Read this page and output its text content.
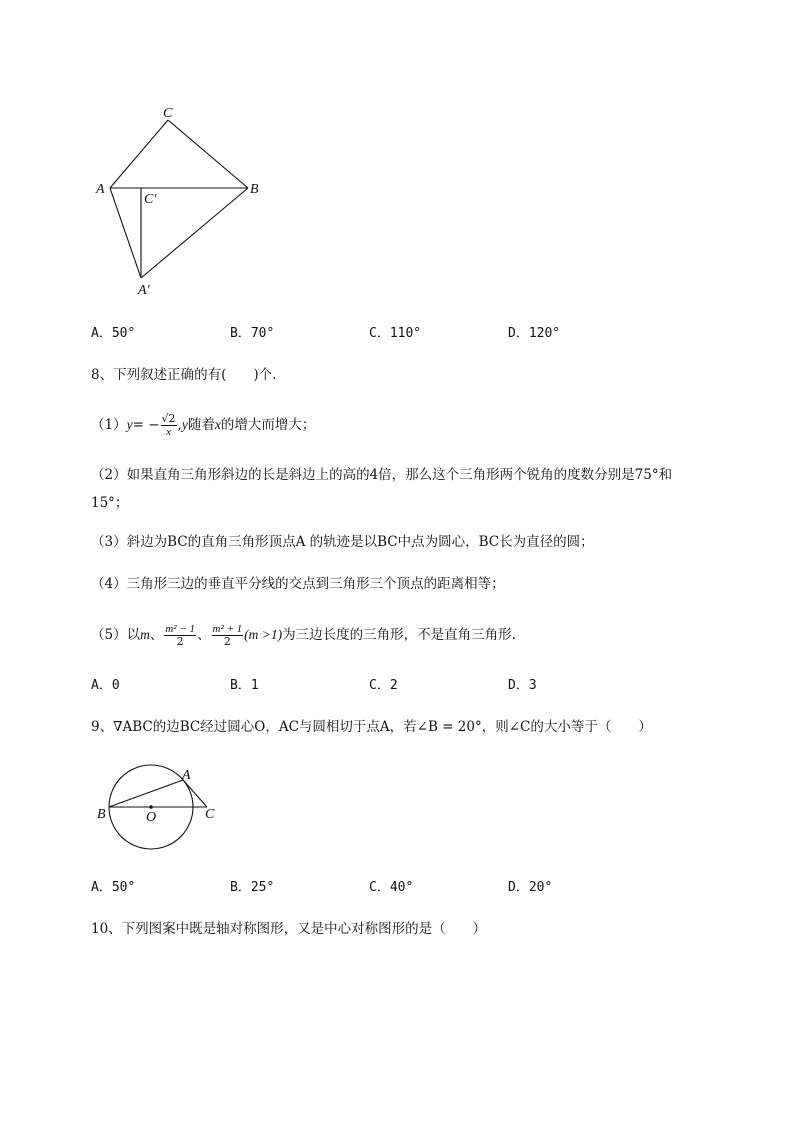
C
A	B
C′
A′
A．50°	B．70°	C．110°	D．120°
8、下列叙述正确的有(　　)个.
（1） y = − $\frac{√2}{x}$ , y 随着 x 的增大而增大；
（2）如果直角三角形斜边的长是斜边上的高的4倍，那么这个三角形两个锐角的度数分别是75°和
15°；
（3）斜边为BC的直角三角形顶点A 的轨迹是以BC中点为圆心，BC长为直径的圆；
（4）三角形三边的垂直平分线的交点到三角形三个顶点的距离相等；
（5）以 m 、 $\frac{\text{m² − 1}}{2}$ 、 $\frac{\text{m² + 1}}{2} (m >1)$ 为三边长度的三角形，不是直角三角形.
A．0	B．1	C．2	D．3
9、∇ABC的边BC经过圆心O，AC与圆相切于点A，若∠B = 20°，则∠C的大小等于（　　）
A
B	O	C
A．50°	B．25°	C．40°	D．20°
10、下列图案中既是轴对称图形，又是中心对称图形的是（　　）
